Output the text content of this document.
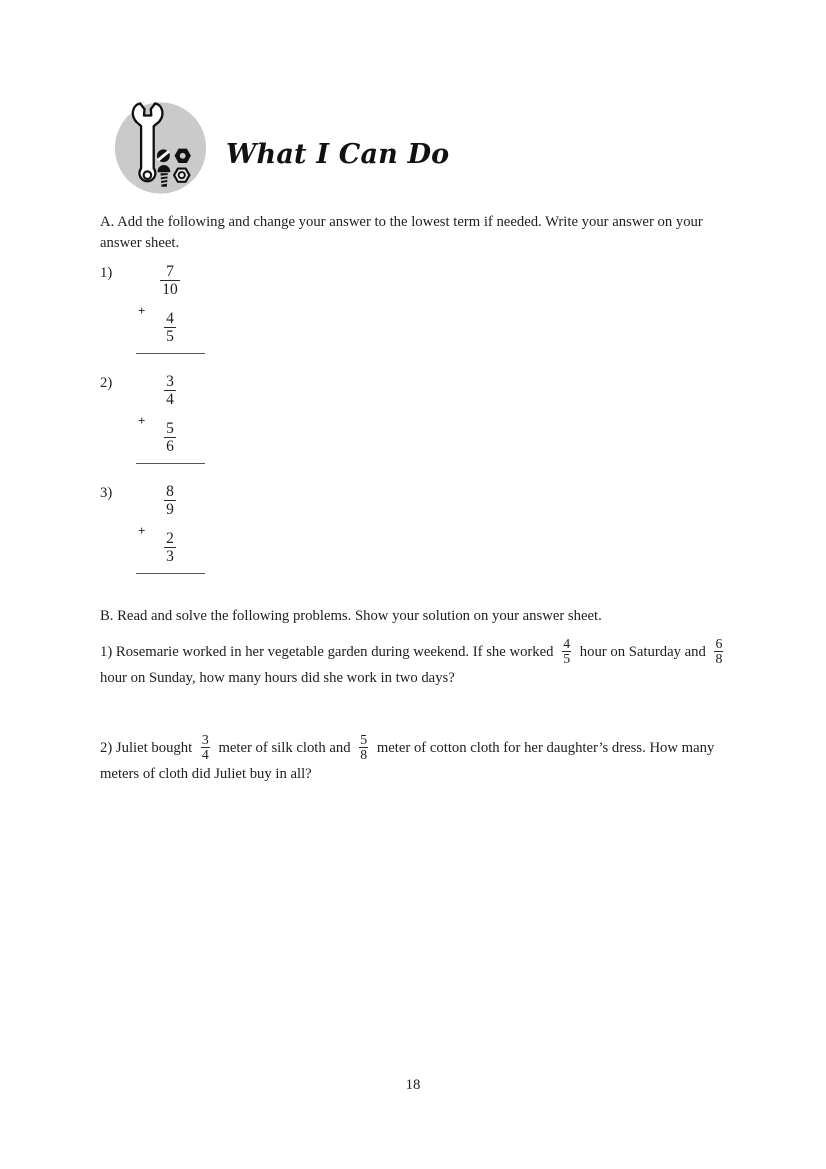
What I Can Do

A. Add the following and change your answer to the lowest term if needed. Write your answer on your answer sheet.

$1) \frac{7}{10}$
+ $\frac{4}{5}$
$2) \frac{3}{4}$
+ $\frac{5}{6}$
$3) \frac{8}{9}$
+ $\frac{2}{3}$

B. Read and solve the following problems. Show your solution on your answer sheet.

1) Rosemarie worked in her vegetable garden during weekend. If she worked $\frac{4}{5}$ hour on Saturday and $\frac{6}{8}$
hour on Sunday, how many hours did she work in two days?

2) Juliet bought $\frac{3}{4}$ meter of silk cloth and $\frac{5}{8}$ meter of cotton cloth for her daughter’s dress. How many meters of cloth did Juliet buy in all?

18
